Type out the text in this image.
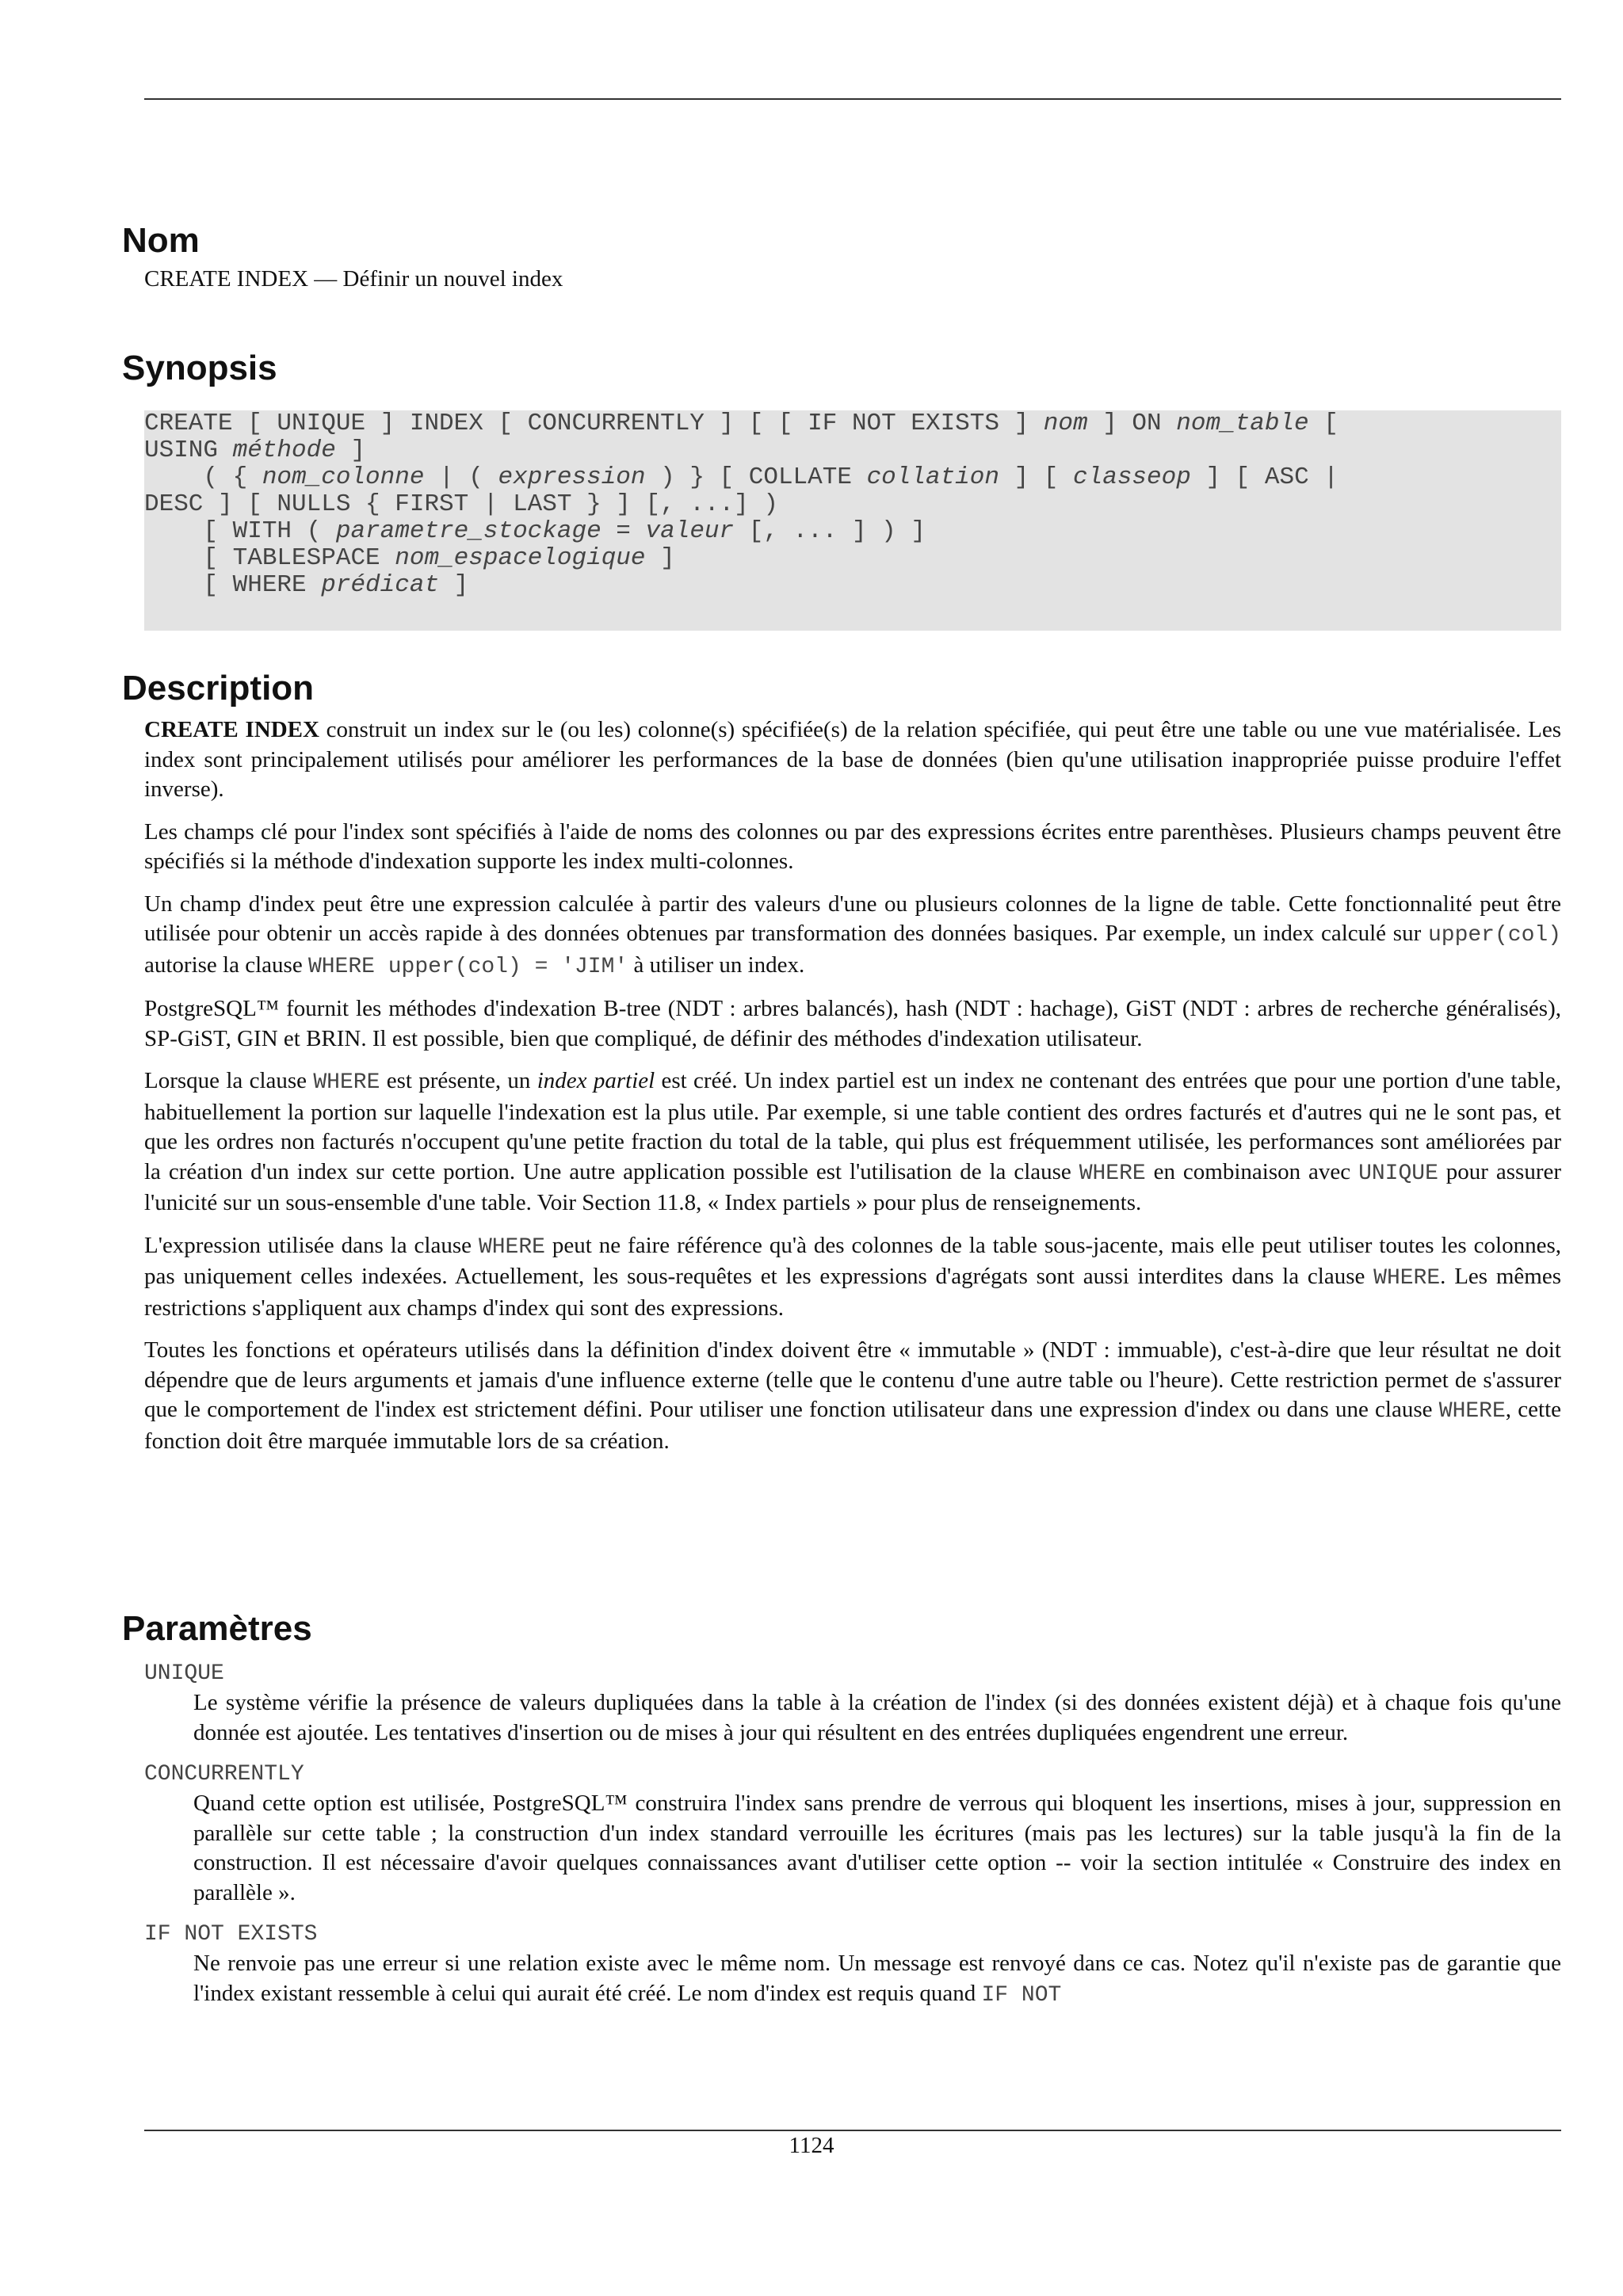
Nom

CREATE INDEX — Définir un nouvel index

Synopsis
CREATE [ UNIQUE ] INDEX [ CONCURRENTLY ] [ [ IF NOT EXISTS ] nom ] ON nom_table [
USING méthode ]
( { nom_colonne | ( expression ) } [ COLLATE collation ] [ classeop ] [ ASC |
DESC ] [ NULLS { FIRST | LAST } ] [, ...] )
[ WITH ( parametre_stockage = valeur [, ... ] ) ]
[ TABLESPACE nom_espacelogique ]
[ WHERE prédicat ]
Description

CREATE INDEX construit un index sur le (ou les) colonne(s) spécifiée(s) de la relation spécifiée, qui peut être une table ou une vue matérialisée. Les index sont principalement utilisés pour améliorer les performances de la base de données (bien qu'une utilisation inappropriée puisse produire l'effet inverse).

Les champs clé pour l'index sont spécifiés à l'aide de noms des colonnes ou par des expressions écrites entre parenthèses. Plusieurs champs peuvent être spécifiés si la méthode d'indexation supporte les index multi-colonnes.

Un champ d'index peut être une expression calculée à partir des valeurs d'une ou plusieurs colonnes de la ligne de table. Cette fonctionnalité peut être utilisée pour obtenir un accès rapide à des données obtenues par transformation des données basiques. Par exemple, un index calculé sur upper(col) autorise la clause WHERE upper(col) = 'JIM' à utiliser un index.

PostgreSQL™ fournit les méthodes d'indexation B-tree (NDT : arbres balancés), hash (NDT : hachage), GiST (NDT : arbres de recherche généralisés), SP-GiST, GIN et BRIN. Il est possible, bien que compliqué, de définir des méthodes d'indexation utilisateur.

Lorsque la clause WHERE est présente, un index partiel est créé. Un index partiel est un index ne contenant des entrées que pour une portion d'une table, habituellement la portion sur laquelle l'indexation est la plus utile. Par exemple, si une table contient des ordres facturés et d'autres qui ne le sont pas, et que les ordres non facturés n'occupent qu'une petite fraction du total de la table, qui plus est fréquemment utilisée, les performances sont améliorées par la création d'un index sur cette portion. Une autre application possible est l'utilisation de la clause WHERE en combinaison avec UNIQUE pour assurer l'unicité sur un sous-ensemble d'une table. Voir Section 11.8, « Index partiels » pour plus de renseignements.

L'expression utilisée dans la clause WHERE peut ne faire référence qu'à des colonnes de la table sous-jacente, mais elle peut utiliser toutes les colonnes, pas uniquement celles indexées. Actuellement, les sous-requêtes et les expressions d'agrégats sont aussi interdites dans la clause WHERE. Les mêmes restrictions s'appliquent aux champs d'index qui sont des expressions.

Toutes les fonctions et opérateurs utilisés dans la définition d'index doivent être « immutable » (NDT : immuable), c'est-à-dire que leur résultat ne doit dépendre que de leurs arguments et jamais d'une influence externe (telle que le contenu d'une autre table ou l'heure). Cette restriction permet de s'assurer que le comportement de l'index est strictement défini. Pour utiliser une fonction utilisateur dans une expression d'index ou dans une clause WHERE, cette fonction doit être marquée immutable lors de sa création.

Paramètres
UNIQUE

Le système vérifie la présence de valeurs dupliquées dans la table à la création de l'index (si des données existent déjà) et à chaque fois qu'une donnée est ajoutée. Les tentatives d'insertion ou de mises à jour qui résultent en des entrées dupliquées engendrent une erreur.

CONCURRENTLY

Quand cette option est utilisée, PostgreSQL™ construira l'index sans prendre de verrous qui bloquent les insertions, mises à jour, suppression en parallèle sur cette table ; la construction d'un index standard verrouille les écritures (mais pas les lectures) sur la table jusqu'à la fin de la construction. Il est nécessaire d'avoir quelques connaissances avant d'utiliser cette option -- voir la section intitulée « Construire des index en parallèle ».

IF NOT EXISTS

Ne renvoie pas une erreur si une relation existe avec le même nom. Un message est renvoyé dans ce cas. Notez qu'il n'existe pas de garantie que l'index existant ressemble à celui qui aurait été créé. Le nom d'index est requis quand IF NOT

1124
